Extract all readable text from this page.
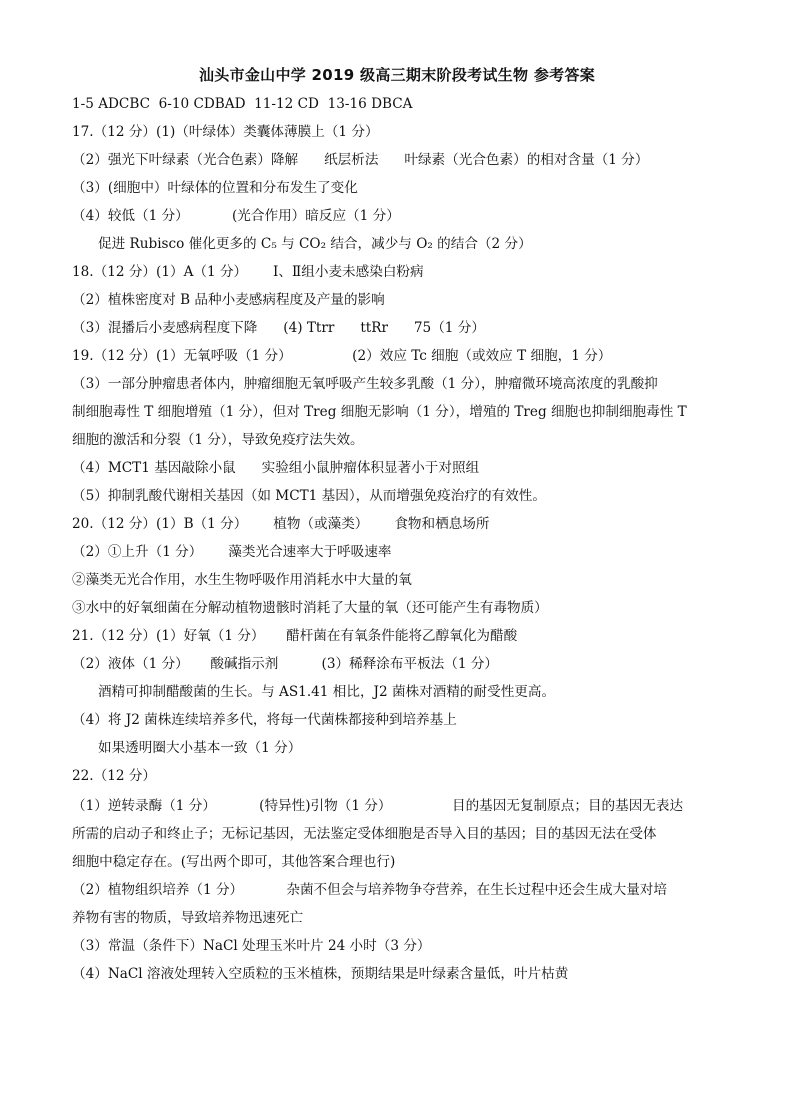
汕头市金山中学 2019 级高三期末阶段考试生物 参考答案
1-5 ADCBC  6-10 CDBAD  11-12 CD  13-16 DBCA
17.（12 分）(1)（叶绿体）类囊体薄膜上（1 分）
（2）强光下叶绿素（光合色素）降解      纸层析法      叶绿素（光合色素）的相对含量（1 分）
（3）(细胞中）叶绿体的位置和分布发生了变化
（4）较低（1 分）          (光合作用）暗反应（1 分）
促进 Rubisco 催化更多的 C₅ 与 CO₂ 结合，减少与 O₂ 的结合（2 分）
18.（12 分）(1）A（1 分）      Ⅰ、Ⅱ组小麦未感染白粉病
（2）植株密度对 B 品种小麦感病程度及产量的影响
（3）混播后小麦感病程度下降      (4) Ttrr      ttRr      75（1 分）
19.（12 分）(1）无氧呼吸（1 分）              (2）效应 Tc 细胞（或效应 T 细胞，1 分）
（3）一部分肿瘤患者体内，肿瘤细胞无氧呼吸产生较多乳酸（1 分），肿瘤微环境高浓度的乳酸抑
制细胞毒性 T 细胞增殖（1 分），但对 Treg 细胞无影响（1 分），增殖的 Treg 细胞也抑制细胞毒性 T
细胞的激活和分裂（1 分），导致免疫疗法失效。
（4）MCT1 基因敲除小鼠      实验组小鼠肿瘤体积显著小于对照组
（5）抑制乳酸代谢相关基因（如 MCT1 基因），从而增强免疫治疗的有效性。
20.（12 分）(1）B（1 分）      植物（或藻类）      食物和栖息场所
（2）①上升（1 分）      藻类光合速率大于呼吸速率
②藻类无光合作用，水生生物呼吸作用消耗水中大量的氧
③水中的好氧细菌在分解动植物遗骸时消耗了大量的氧（还可能产生有毒物质）
21.（12 分）(1）好氧（1 分）     醋杆菌在有氧条件能将乙醇氧化为醋酸
（2）液体（1 分）     酸碱指示剂          (3）稀释涂布平板法（1 分）
酒精可抑制醋酸菌的生长。与 AS1.41 相比，J2 菌株对酒精的耐受性更高。
（4）将 J2 菌株连续培养多代，将每一代菌株都接种到培养基上
如果透明圈大小基本一致（1 分）
22.（12 分）
（1）逆转录酶（1 分）          (特异性)引物（1 分）              目的基因无复制原点；目的基因无表达
所需的启动子和终止子；无标记基因，无法鉴定受体细胞是否导入目的基因；目的基因无法在受体
细胞中稳定存在。(写出两个即可，其他答案合理也行)
（2）植物组织培养（1 分）          杂菌不但会与培养物争夺营养，在生长过程中还会生成大量对培
养物有害的物质，导致培养物迅速死亡
（3）常温（条件下）NaCl 处理玉米叶片 24 小时（3 分）
（4）NaCl 溶液处理转入空质粒的玉米植株，预期结果是叶绿素含量低，叶片枯黄
